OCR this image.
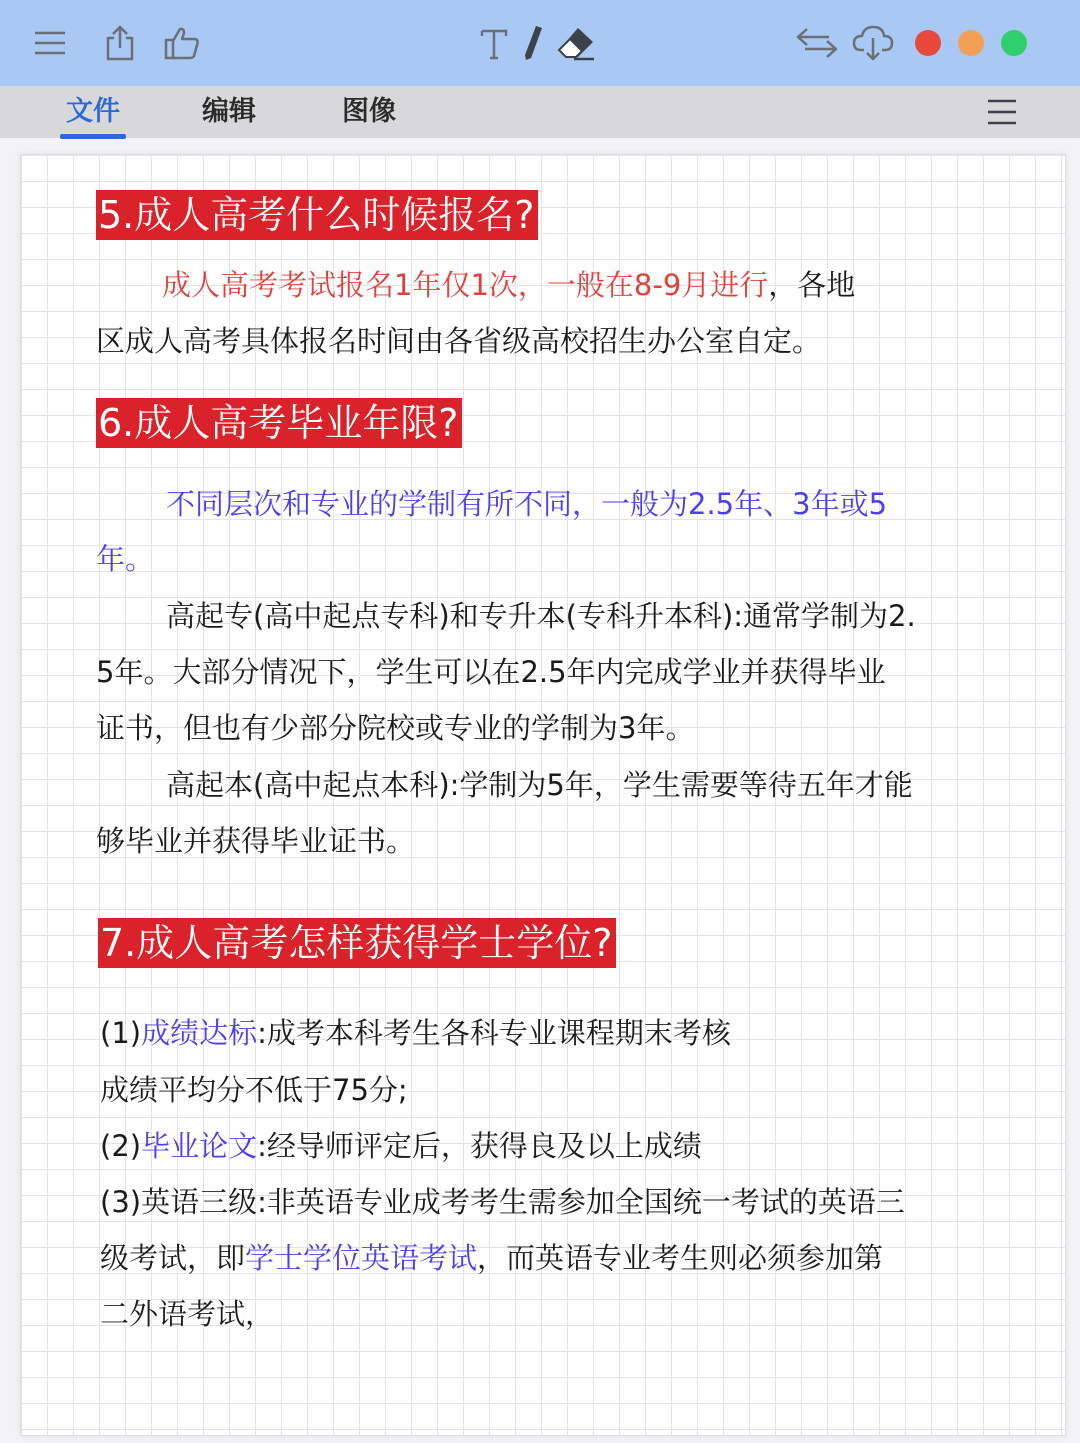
文件	编辑	图像
5.成人高考什么时候报名?
成人高考考试报名1年仅1次，一般在8-9月进行，各地
区成人高考具体报名时间由各省级高校招生办公室自定。
6.成人高考毕业年限?
不同层次和专业的学制有所不同，一般为2.5年、3年或5
年。
高起专(高中起点专科)和专升本(专科升本科):通常学制为2.
5年。大部分情况下，学生可以在2.5年内完成学业并获得毕业
证书，但也有少部分院校或专业的学制为3年。
高起本(高中起点本科):学制为5年，学生需要等待五年才能
够毕业并获得毕业证书。
7.成人高考怎样获得学士学位?
(1)成绩达标:成考本科考生各科专业课程期末考核
成绩平均分不低于75分;
(2)毕业论文:经导师评定后，获得良及以上成绩
(3)英语三级:非英语专业成考考生需参加全国统一考试的英语三
级考试，即学士学位英语考试，而英语专业考生则必须参加第
二外语考试，
